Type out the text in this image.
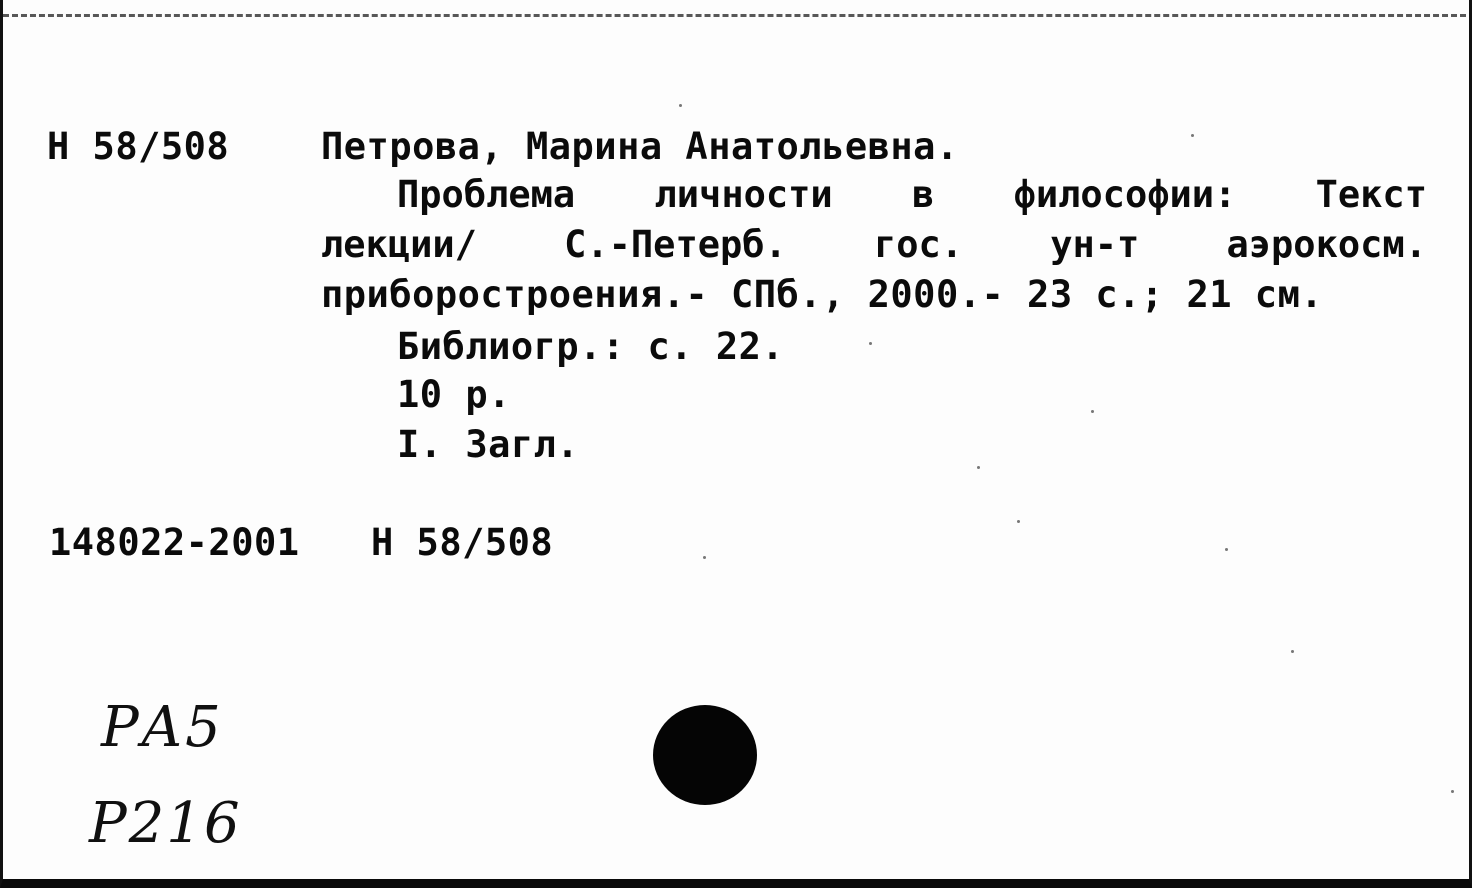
Н 58/508 Петрова, Марина Анатольевна.
Проблема личности в философии: Текст
лекции/ С.-Петерб. гос. ун-т аэрокосм.
приборостроения.- СПб., 2000.- 23 с.; 21 см.
Библиогр.: с. 22.
10 р.
I. Загл.
148022-2001 Н 58/508
РА5
Р216
